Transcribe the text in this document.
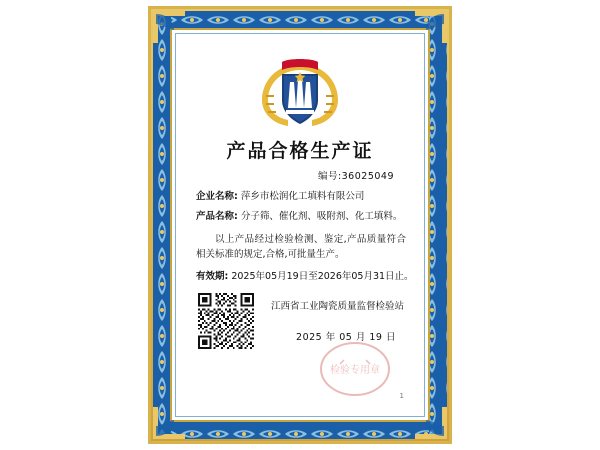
产品合格生产证
编号:36025049
企业名称: 萍乡市松润化工填料有限公司
产品名称: 分子筛、催化剂、吸附剂、化工填料。
以上产品经过检验检测、鉴定,产品质量符合相关标准的规定,合格,可批量生产。
有效期: 2025年05月19日至2026年05月31日止。
江西省工业陶瓷质量监督检验站
2025 年 05 月 19 日
检验专用章
1
